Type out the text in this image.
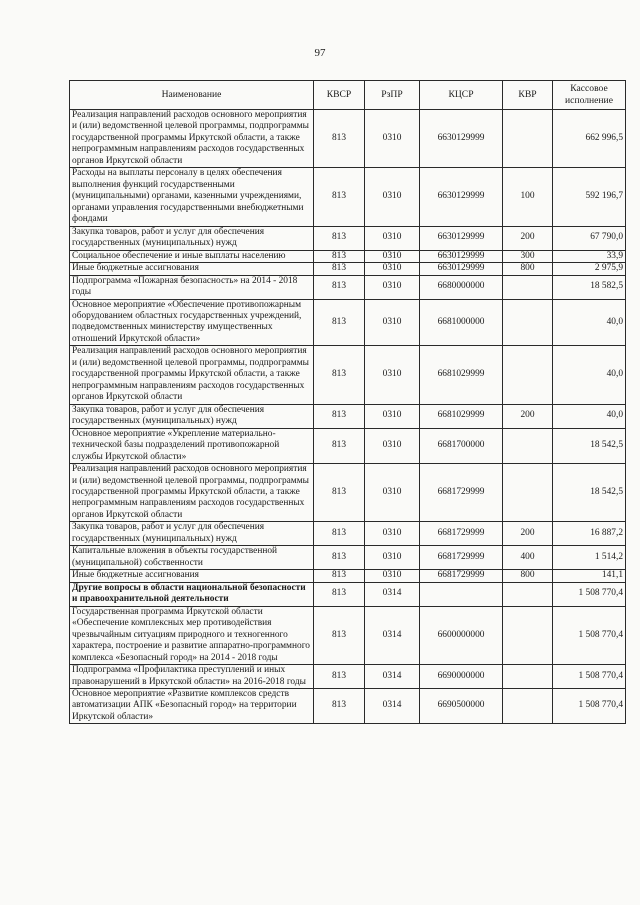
97
Наименование	КВСР	РзПР	КЦСР	КВР	Кассовое исполнение
Реализация направлений расходов основного мероприятия и (или) ведомственной целевой программы, подпрограммы государственной программы Иркутской области, а также непрограммным направлениям расходов государственных органов Иркутской области	813	0310	6630129999		662 996,5
Расходы на выплаты персоналу в целях обеспечения выполнения функций государственными (муниципальными) органами, казенными учреждениями, органами управления государственными внебюджетными фондами	813	0310	6630129999	100	592 196,7
Закупка товаров, работ и услуг для обеспечения государственных (муниципальных) нужд	813	0310	6630129999	200	67 790,0
Социальное обеспечение и иные выплаты населению	813	0310	6630129999	300	33,9
Иные бюджетные ассигнования	813	0310	6630129999	800	2 975,9
Подпрограмма «Пожарная безопасность» на 2014 - 2018 годы	813	0310	6680000000		18 582,5
Основное мероприятие «Обеспечение противопожарным оборудованием областных государственных учреждений, подведомственных министерству имущественных отношений Иркутской области»	813	0310	6681000000		40,0
Реализация направлений расходов основного мероприятия и (или) ведомственной целевой программы, подпрограммы государственной программы Иркутской области, а также непрограммным направлениям расходов государственных органов Иркутской области	813	0310	6681029999		40,0
Закупка товаров, работ и услуг для обеспечения государственных (муниципальных) нужд	813	0310	6681029999	200	40,0
Основное мероприятие «Укрепление материально-технической базы подразделений противопожарной службы Иркутской области»	813	0310	6681700000		18 542,5
Реализация направлений расходов основного мероприятия и (или) ведомственной целевой программы, подпрограммы государственной программы Иркутской области, а также непрограммным направлениям расходов государственных органов Иркутской области	813	0310	6681729999		18 542,5
Закупка товаров, работ и услуг для обеспечения государственных (муниципальных) нужд	813	0310	6681729999	200	16 887,2
Капитальные вложения в объекты государственной (муниципальной) собственности	813	0310	6681729999	400	1 514,2
Иные бюджетные ассигнования	813	0310	6681729999	800	141,1
Другие вопросы в области национальной безопасности и правоохранительной деятельности	813	0314			1 508 770,4
Государственная программа Иркутской области «Обеспечение комплексных мер противодействия чрезвычайным ситуациям природного и техногенного характера, построение и развитие аппаратно-программного комплекса «Безопасный город» на 2014 - 2018 годы	813	0314	6600000000		1 508 770,4
Подпрограмма «Профилактика преступлений и иных правонарушений в Иркутской области» на 2016-2018 годы	813	0314	6690000000		1 508 770,4
Основное мероприятие «Развитие комплексов средств автоматизации АПК «Безопасный город» на территории Иркутской области»	813	0314	6690500000		1 508 770,4
